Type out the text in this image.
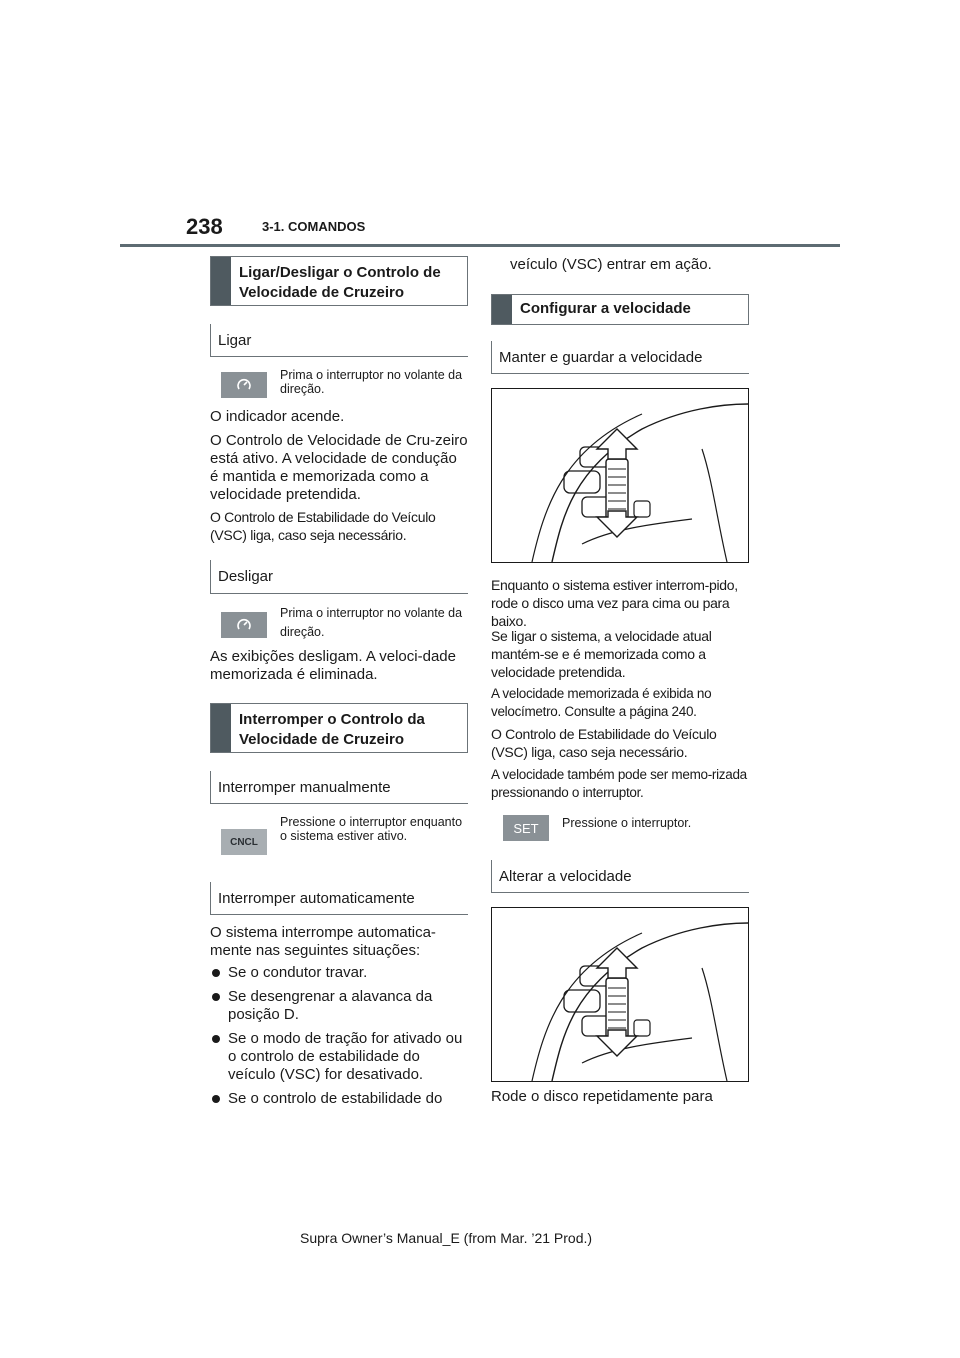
238	3-1. COMANDOS
Ligar/Desligar o Controlo de Velocidade de Cruzeiro
Ligar
Prima o interruptor no volante da direção.
O indicador acende.
O Controlo de Velocidade de Cru-zeiro está ativo. A velocidade de condução é mantida e memorizada como a velocidade pretendida.
O Controlo de Estabilidade do Veículo (VSC) liga, caso seja necessário.
Desligar
Prima o interruptor no volante da direção.
As exibições desligam. A veloci-dade memorizada é eliminada.
Interromper o Controlo da Velocidade de Cruzeiro
Interromper manualmente
CNCL
Pressione o interruptor enquanto o sistema estiver ativo.
Interromper automaticamente
O sistema interrompe automatica-mente nas seguintes situações:
Se o condutor travar.
Se desengrenar a alavanca da posição D.
Se o modo de tração for ativado ou o controlo de estabilidade do veículo (VSC) for desativado.
Se o controlo de estabilidade do
veículo (VSC) entrar em ação.
Configurar a velocidade
Manter e guardar a velocidade
Enquanto o sistema estiver interrom-pido, rode o disco uma vez para cima ou para baixo.
Se ligar o sistema, a velocidade atual mantém-se e é memorizada como a velocidade pretendida.
A velocidade memorizada é exibida no velocímetro. Consulte a página 240.
O Controlo de Estabilidade do Veículo (VSC) liga, caso seja necessário.
A velocidade também pode ser memo-rizada pressionando o interruptor.
SET Pressione o interruptor.
Alterar a velocidade
Rode o disco repetidamente para
Supra Owner’s Manual_E (from Mar. ’21 Prod.)
